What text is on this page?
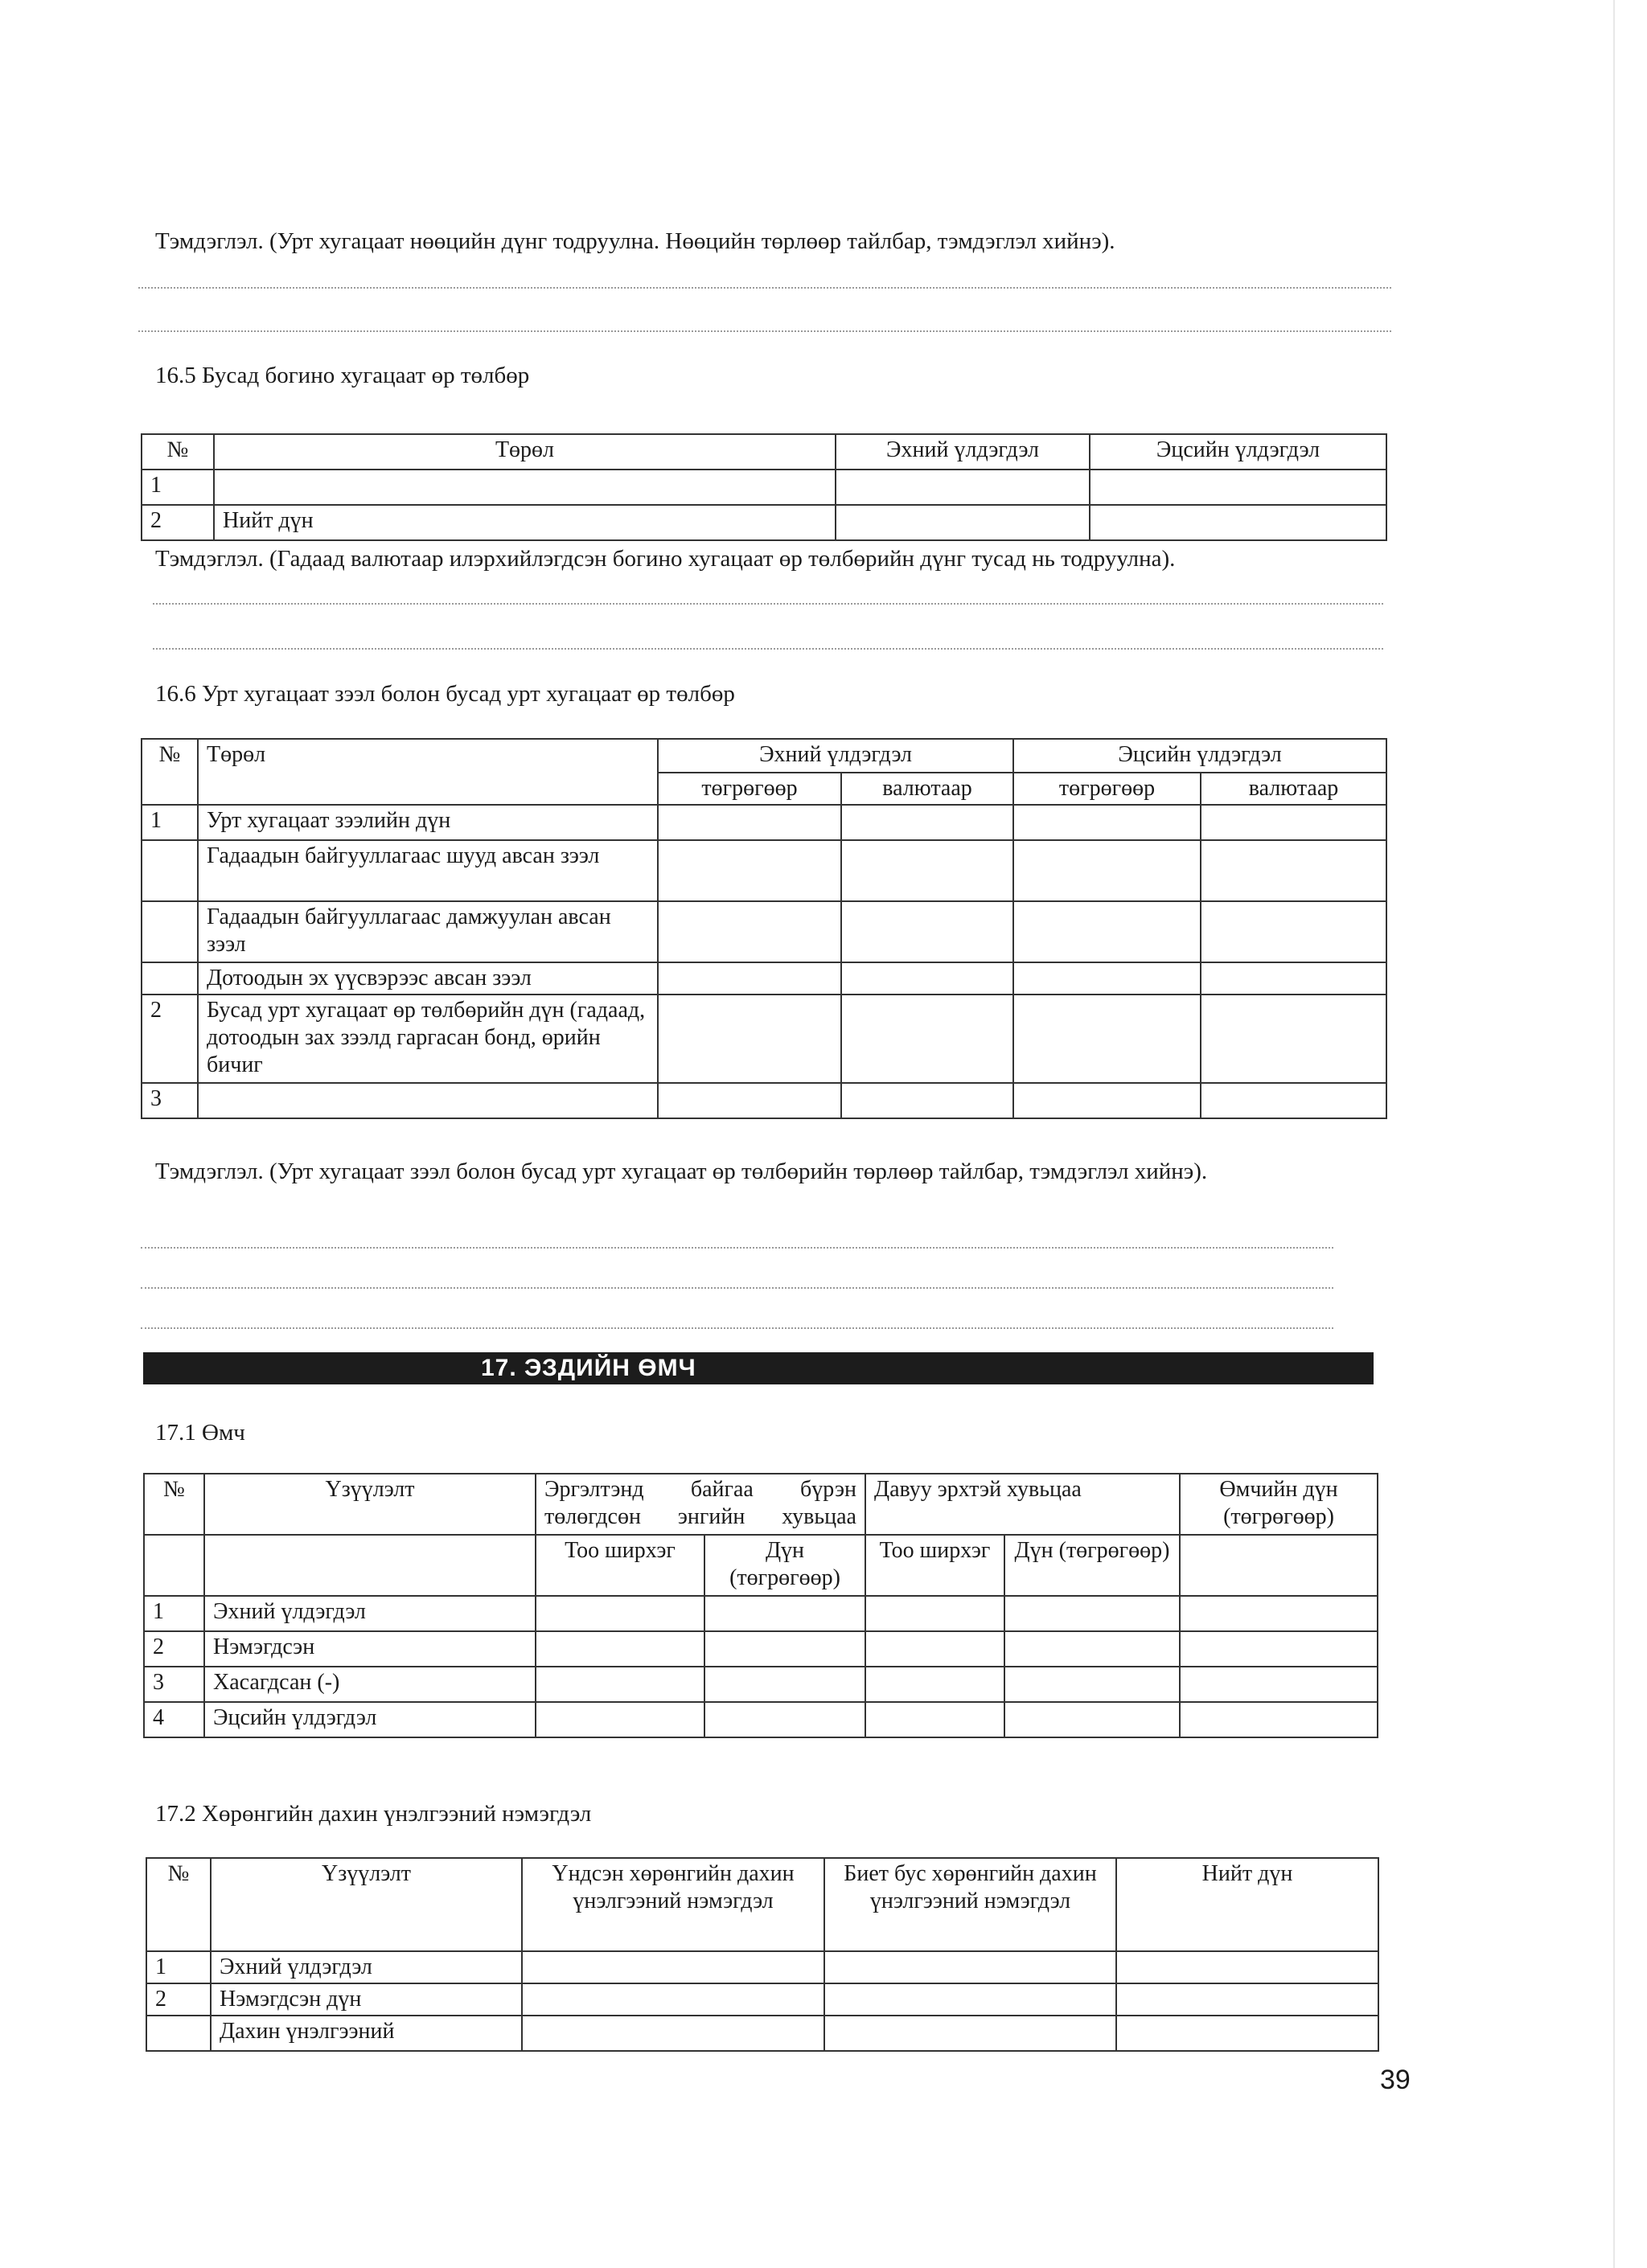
Тэмдэглэл. (Урт хугацаат нөөцийн дүнг тодруулна. Нөөцийн төрлөөр тайлбар, тэмдэглэл хийнэ).
16.5 Бусад богино хугацаат өр төлбөр
№	Төрөл	Эхний үлдэгдэл	Эцсийн үлдэгдэл
1			
2	Нийт дүн		
Тэмдэглэл. (Гадаад валютаар илэрхийлэгдсэн богино хугацаат өр төлбөрийн дүнг тусад нь тодруулна).
16.6 Урт хугацаат зээл болон бусад урт хугацаат өр төлбөр
№	Төрөл	Эхний үлдэгдэл		Эцсийн үлдэгдэл	
		төгрөгөөр	валютаар	төгрөгөөр	валютаар
1	Урт хугацаат зээлийн дүн				
	Гадаадын байгууллагаас шууд авсан зээл				
	Гадаадын байгууллагаас дамжуулан авсан зээл				
	Дотоодын эх үүсвэрээс авсан зээл				
2	Бусад урт хугацаат өр төлбөрийн дүн (гадаад, дотоодын зах зээлд гаргасан бонд, өрийн бичиг				
3					
Тэмдэглэл. (Урт хугацаат зээл болон бусад урт хугацаат өр төлбөрийн төрлөөр тайлбар, тэмдэглэл хийнэ).
17. ЭЗДИЙН ӨМЧ
17.1 Өмч
№	Үзүүлэлт	Эргэлтэнд байгаа бүрэн төлөгдсөн энгийн хувьцаа		Давуу эрхтэй хувьцаа		Өмчийн дүн (төгрөгөөр)
		Тоо ширхэг	Дүн (төгрөгөөр)	Тоо ширхэг	Дүн (төгрөгөөр)	
1	Эхний үлдэгдэл					
2	Нэмэгдсэн					
3	Хасагдсан (-)					
4	Эцсийн үлдэгдэл					
17.2 Хөрөнгийн дахин үнэлгээний нэмэгдэл
№	Үзүүлэлт	Үндсэн хөрөнгийн дахин үнэлгээний нэмэгдэл	Биет бус хөрөнгийн дахин үнэлгээний нэмэгдэл	Нийт дүн
1	Эхний үлдэгдэл			
2	Нэмэгдсэн дүн			
	Дахин үнэлгээний			
39
